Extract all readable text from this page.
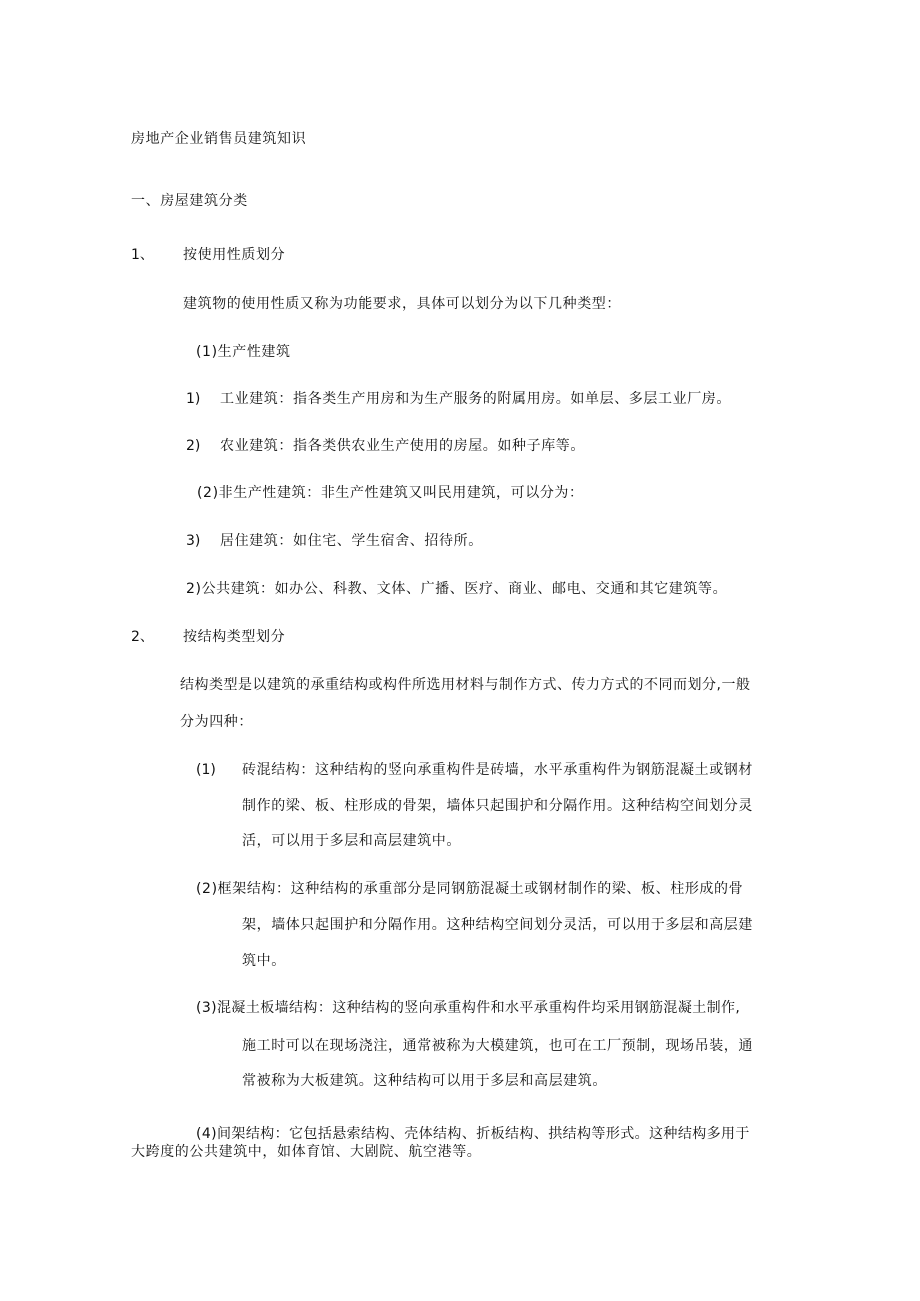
房地产企业销售员建筑知识
一、房屋建筑分类
1、 按使用性质划分
建筑物的使用性质又称为功能要求，具体可以划分为以下几种类型：
(1)生产性建筑
1) 工业建筑：指各类生产用房和为生产服务的附属用房。如单层、多层工业厂房。
2) 农业建筑：指各类供农业生产使用的房屋。如种子库等。
(2)非生产性建筑：非生产性建筑又叫民用建筑，可以分为：
3) 居住建筑：如住宅、学生宿舍、招待所。
2)公共建筑：如办公、科教、文体、广播、医疗、商业、邮电、交通和其它建筑等。
2、 按结构类型划分
结构类型是以建筑的承重结构或构件所选用材料与制作方式、传力方式的不同而划分,一般
分为四种：
(1) 砖混结构：这种结构的竖向承重构件是砖墙，水平承重构件为钢筋混凝土或钢材
制作的梁、板、柱形成的骨架，墙体只起围护和分隔作用。这种结构空间划分灵
活，可以用于多层和高层建筑中。
(2)框架结构：这种结构的承重部分是同钢筋混凝土或钢材制作的梁、板、柱形成的骨
架，墙体只起围护和分隔作用。这种结构空间划分灵活，可以用于多层和高层建
筑中。
(3)混凝土板墙结构：这种结构的竖向承重构件和水平承重构件均采用钢筋混凝土制作,
施工时可以在现场浇注，通常被称为大模建筑，也可在工厂预制，现场吊装，通
常被称为大板建筑。这种结构可以用于多层和高层建筑。
(4)间架结构：它包括悬索结构、壳体结构、折板结构、拱结构等形式。这种结构多用于
大跨度的公共建筑中，如体育馆、大剧院、航空港等。
